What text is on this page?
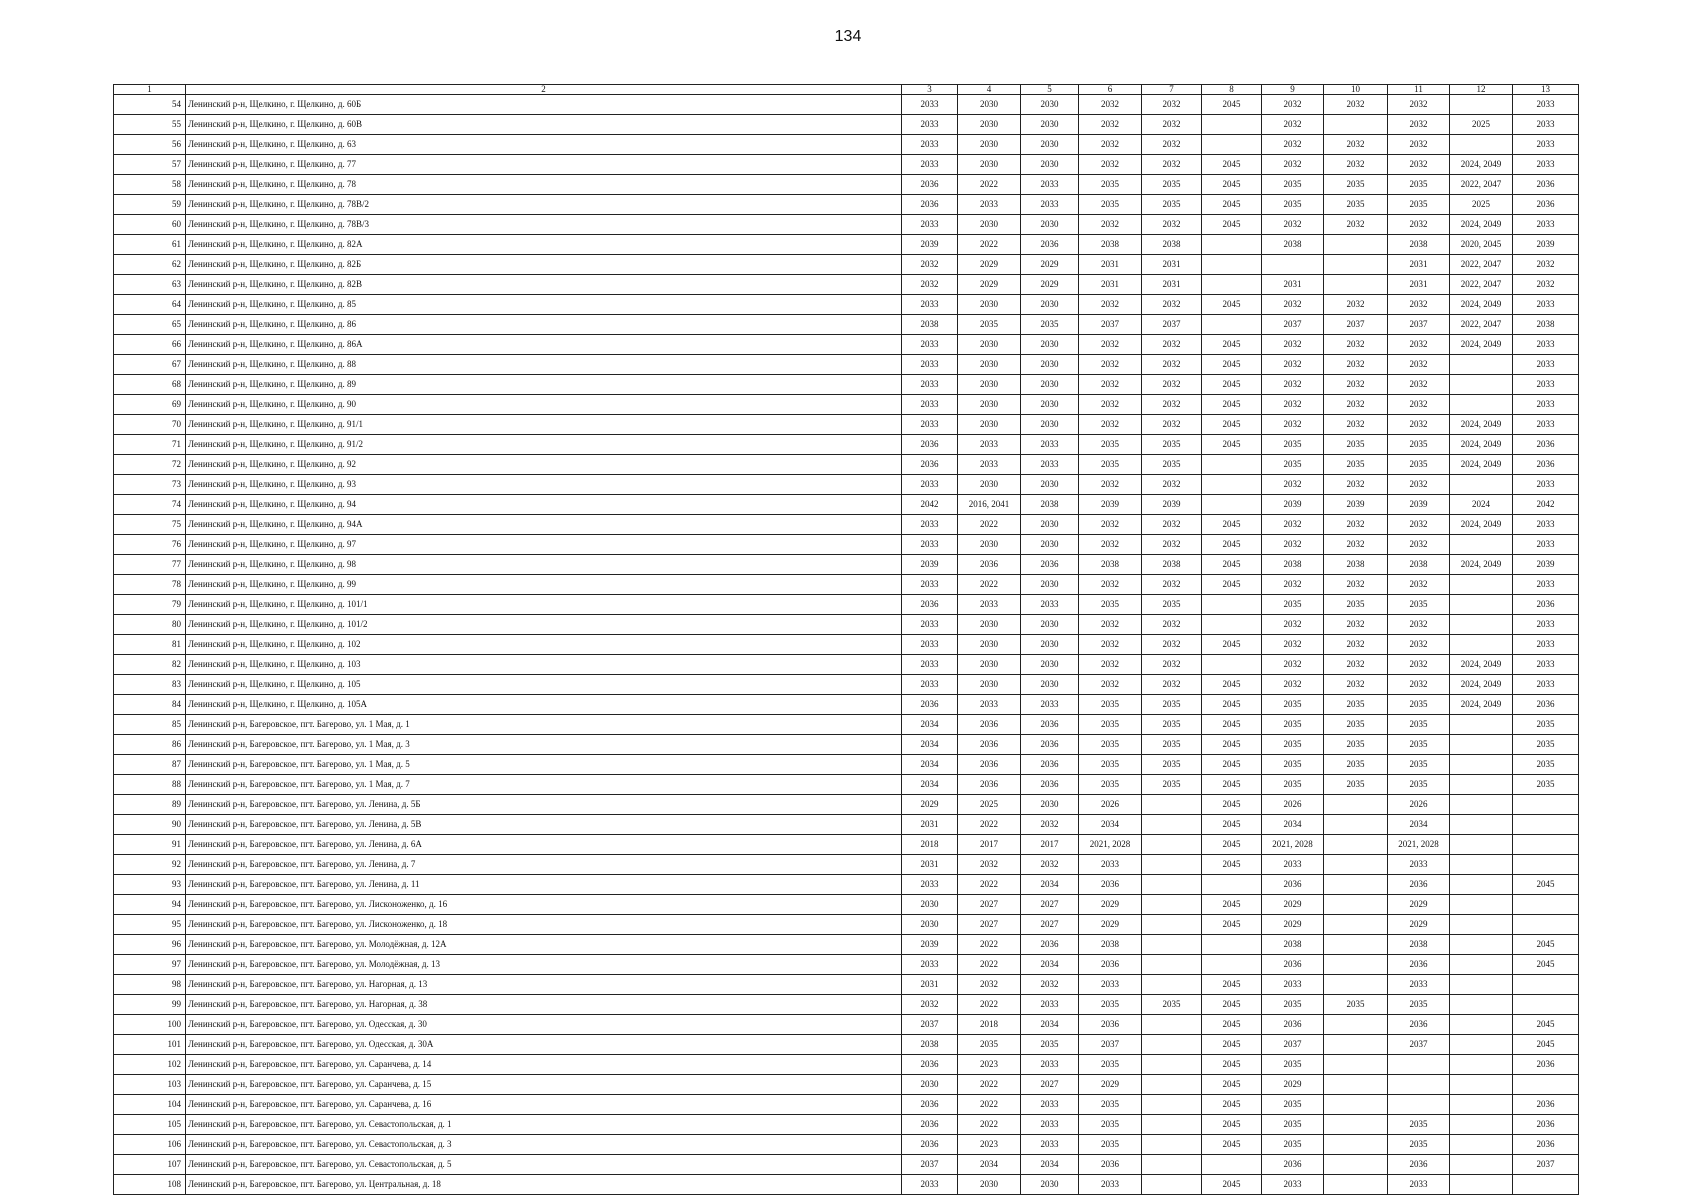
134
1	2	3	4	5	6	7	8	9	10	11	12	13
54	Ленинский р-н, Щелкино, г. Щелкино, д. 60Б	2033	2030	2030	2032	2032	2045	2032	2032	2032		2033
55	Ленинский р-н, Щелкино, г. Щелкино, д. 60В	2033	2030	2030	2032	2032		2032		2032	2025	2033
56	Ленинский р-н, Щелкино, г. Щелкино, д. 63	2033	2030	2030	2032	2032		2032	2032	2032		2033
57	Ленинский р-н, Щелкино, г. Щелкино, д. 77	2033	2030	2030	2032	2032	2045	2032	2032	2032	2024, 2049	2033
58	Ленинский р-н, Щелкино, г. Щелкино, д. 78	2036	2022	2033	2035	2035	2045	2035	2035	2035	2022, 2047	2036
59	Ленинский р-н, Щелкино, г. Щелкино, д. 78В/2	2036	2033	2033	2035	2035	2045	2035	2035	2035	2025	2036
60	Ленинский р-н, Щелкино, г. Щелкино, д. 78В/3	2033	2030	2030	2032	2032	2045	2032	2032	2032	2024, 2049	2033
61	Ленинский р-н, Щелкино, г. Щелкино, д. 82А	2039	2022	2036	2038	2038		2038		2038	2020, 2045	2039
62	Ленинский р-н, Щелкино, г. Щелкино, д. 82Б	2032	2029	2029	2031	2031				2031	2022, 2047	2032
63	Ленинский р-н, Щелкино, г. Щелкино, д. 82В	2032	2029	2029	2031	2031		2031		2031	2022, 2047	2032
64	Ленинский р-н, Щелкино, г. Щелкино, д. 85	2033	2030	2030	2032	2032	2045	2032	2032	2032	2024, 2049	2033
65	Ленинский р-н, Щелкино, г. Щелкино, д. 86	2038	2035	2035	2037	2037		2037	2037	2037	2022, 2047	2038
66	Ленинский р-н, Щелкино, г. Щелкино, д. 86А	2033	2030	2030	2032	2032	2045	2032	2032	2032	2024, 2049	2033
67	Ленинский р-н, Щелкино, г. Щелкино, д. 88	2033	2030	2030	2032	2032	2045	2032	2032	2032		2033
68	Ленинский р-н, Щелкино, г. Щелкино, д. 89	2033	2030	2030	2032	2032	2045	2032	2032	2032		2033
69	Ленинский р-н, Щелкино, г. Щелкино, д. 90	2033	2030	2030	2032	2032	2045	2032	2032	2032		2033
70	Ленинский р-н, Щелкино, г. Щелкино, д. 91/1	2033	2030	2030	2032	2032	2045	2032	2032	2032	2024, 2049	2033
71	Ленинский р-н, Щелкино, г. Щелкино, д. 91/2	2036	2033	2033	2035	2035	2045	2035	2035	2035	2024, 2049	2036
72	Ленинский р-н, Щелкино, г. Щелкино, д. 92	2036	2033	2033	2035	2035		2035	2035	2035	2024, 2049	2036
73	Ленинский р-н, Щелкино, г. Щелкино, д. 93	2033	2030	2030	2032	2032		2032	2032	2032		2033
74	Ленинский р-н, Щелкино, г. Щелкино, д. 94	2042	2016, 2041	2038	2039	2039		2039	2039	2039	2024	2042
75	Ленинский р-н, Щелкино, г. Щелкино, д. 94А	2033	2022	2030	2032	2032	2045	2032	2032	2032	2024, 2049	2033
76	Ленинский р-н, Щелкино, г. Щелкино, д. 97	2033	2030	2030	2032	2032	2045	2032	2032	2032		2033
77	Ленинский р-н, Щелкино, г. Щелкино, д. 98	2039	2036	2036	2038	2038	2045	2038	2038	2038	2024, 2049	2039
78	Ленинский р-н, Щелкино, г. Щелкино, д. 99	2033	2022	2030	2032	2032	2045	2032	2032	2032		2033
79	Ленинский р-н, Щелкино, г. Щелкино, д. 101/1	2036	2033	2033	2035	2035		2035	2035	2035		2036
80	Ленинский р-н, Щелкино, г. Щелкино, д. 101/2	2033	2030	2030	2032	2032		2032	2032	2032		2033
81	Ленинский р-н, Щелкино, г. Щелкино, д. 102	2033	2030	2030	2032	2032	2045	2032	2032	2032		2033
82	Ленинский р-н, Щелкино, г. Щелкино, д. 103	2033	2030	2030	2032	2032		2032	2032	2032	2024, 2049	2033
83	Ленинский р-н, Щелкино, г. Щелкино, д. 105	2033	2030	2030	2032	2032	2045	2032	2032	2032	2024, 2049	2033
84	Ленинский р-н, Щелкино, г. Щелкино, д. 105А	2036	2033	2033	2035	2035	2045	2035	2035	2035	2024, 2049	2036
85	Ленинский р-н, Багеровское, пгт. Багерово, ул. 1 Мая, д. 1	2034	2036	2036	2035	2035	2045	2035	2035	2035		2035
86	Ленинский р-н, Багеровское, пгт. Багерово, ул. 1 Мая, д. 3	2034	2036	2036	2035	2035	2045	2035	2035	2035		2035
87	Ленинский р-н, Багеровское, пгт. Багерово, ул. 1 Мая, д. 5	2034	2036	2036	2035	2035	2045	2035	2035	2035		2035
88	Ленинский р-н, Багеровское, пгт. Багерово, ул. 1 Мая, д. 7	2034	2036	2036	2035	2035	2045	2035	2035	2035		2035
89	Ленинский р-н, Багеровское, пгт. Багерово, ул. Ленина, д. 5Б	2029	2025	2030	2026		2045	2026		2026		
90	Ленинский р-н, Багеровское, пгт. Багерово, ул. Ленина, д. 5В	2031	2022	2032	2034		2045	2034		2034		
91	Ленинский р-н, Багеровское, пгт. Багерово, ул. Ленина, д. 6А	2018	2017	2017	2021, 2028		2045	2021, 2028		2021, 2028		
92	Ленинский р-н, Багеровское, пгт. Багерово, ул. Ленина, д. 7	2031	2032	2032	2033		2045	2033		2033		
93	Ленинский р-н, Багеровское, пгт. Багерово, ул. Ленина, д. 11	2033	2022	2034	2036			2036		2036		2045
94	Ленинский р-н, Багеровское, пгт. Багерово, ул. Лисконоженко, д. 16	2030	2027	2027	2029		2045	2029		2029		
95	Ленинский р-н, Багеровское, пгт. Багерово, ул. Лисконоженко, д. 18	2030	2027	2027	2029		2045	2029		2029		
96	Ленинский р-н, Багеровское, пгт. Багерово, ул. Молодёжная, д. 12А	2039	2022	2036	2038			2038		2038		2045
97	Ленинский р-н, Багеровское, пгт. Багерово, ул. Молодёжная, д. 13	2033	2022	2034	2036			2036		2036		2045
98	Ленинский р-н, Багеровское, пгт. Багерово, ул. Нагорная, д. 13	2031	2032	2032	2033		2045	2033		2033		
99	Ленинский р-н, Багеровское, пгт. Багерово, ул. Нагорная, д. 38	2032	2022	2033	2035	2035	2045	2035	2035	2035		
100	Ленинский р-н, Багеровское, пгт. Багерово, ул. Одесская, д. 30	2037	2018	2034	2036		2045	2036		2036		2045
101	Ленинский р-н, Багеровское, пгт. Багерово, ул. Одесская, д. 30А	2038	2035	2035	2037		2045	2037		2037		2045
102	Ленинский р-н, Багеровское, пгт. Багерово, ул. Саранчева, д. 14	2036	2023	2033	2035		2045	2035				2036
103	Ленинский р-н, Багеровское, пгт. Багерово, ул. Саранчева, д. 15	2030	2022	2027	2029		2045	2029				
104	Ленинский р-н, Багеровское, пгт. Багерово, ул. Саранчева, д. 16	2036	2022	2033	2035		2045	2035				2036
105	Ленинский р-н, Багеровское, пгт. Багерово, ул. Севастопольская, д. 1	2036	2022	2033	2035		2045	2035		2035		2036
106	Ленинский р-н, Багеровское, пгт. Багерово, ул. Севастопольская, д. 3	2036	2023	2033	2035		2045	2035		2035		2036
107	Ленинский р-н, Багеровское, пгт. Багерово, ул. Севастопольская, д. 5	2037	2034	2034	2036			2036		2036		2037
108	Ленинский р-н, Багеровское, пгт. Багерово, ул. Центральная, д. 18	2033	2030	2030	2033		2045	2033		2033		
